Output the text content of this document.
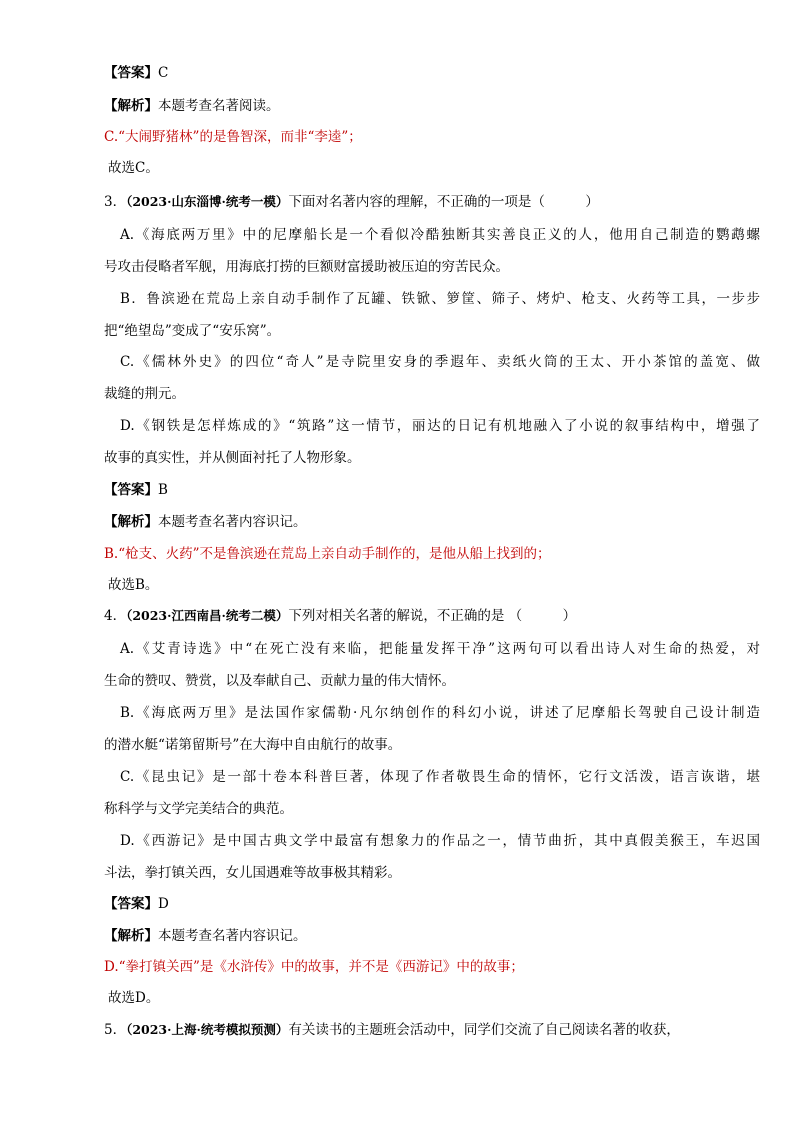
【答案】C
【解析】本题考查名著阅读。
C.“大闹野猪林”的是鲁智深，而非“李逵”；
故选C。
3．（2023·山东淄博·统考一模）下面对名著内容的理解，不正确的一项是（　　　）
A.《海底两万里》中的尼摩船长是一个看似冷酷独断其实善良正义的人，他用自己制造的鹦鹉螺
号攻击侵略者军舰，用海底打捞的巨额财富援助被压迫的穷苦民众。
B．鲁滨逊在荒岛上亲自动手制作了瓦罐、铁锨、箩筐、筛子、烤炉、枪支、火药等工具，一步步
把“绝望岛”变成了“安乐窝”。
C.《儒林外史》的四位“奇人”是寺院里安身的季遐年、卖纸火筒的王太、开小茶馆的盖宽、做
裁缝的荆元。
D.《钢铁是怎样炼成的》“筑路”这一情节，丽达的日记有机地融入了小说的叙事结构中，增强了
故事的真实性，并从侧面衬托了人物形象。
【答案】B
【解析】本题考查名著内容识记。
B.“枪支、火药”不是鲁滨逊在荒岛上亲自动手制作的，是他从船上找到的；
故选B。
4．（2023·江西南昌·统考二模）下列对相关名著的解说，不正确的是 （　　　）
A.《艾青诗选》中“在死亡没有来临，把能量发挥干净”这两句可以看出诗人对生命的热爱，对
生命的赞叹、赞赏，以及奉献自己、贡献力量的伟大情怀。
B.《海底两万里》是法国作家儒勒·凡尔纳创作的科幻小说，讲述了尼摩船长驾驶自己设计制造
的潜水艇“诺第留斯号”在大海中自由航行的故事。
C.《昆虫记》是一部十卷本科普巨著，体现了作者敬畏生命的情怀，它行文活泼，语言诙谐，堪
称科学与文学完美结合的典范。
D.《西游记》是中国古典文学中最富有想象力的作品之一，情节曲折，其中真假美猴王，车迟国
斗法，拳打镇关西，女儿国遇难等故事极其精彩。
【答案】D
【解析】本题考查名著内容识记。
D.“拳打镇关西”是《水浒传》中的故事，并不是《西游记》中的故事；
故选D。
5．（2023·上海·统考模拟预测）有关读书的主题班会活动中，同学们交流了自己阅读名著的收获，
